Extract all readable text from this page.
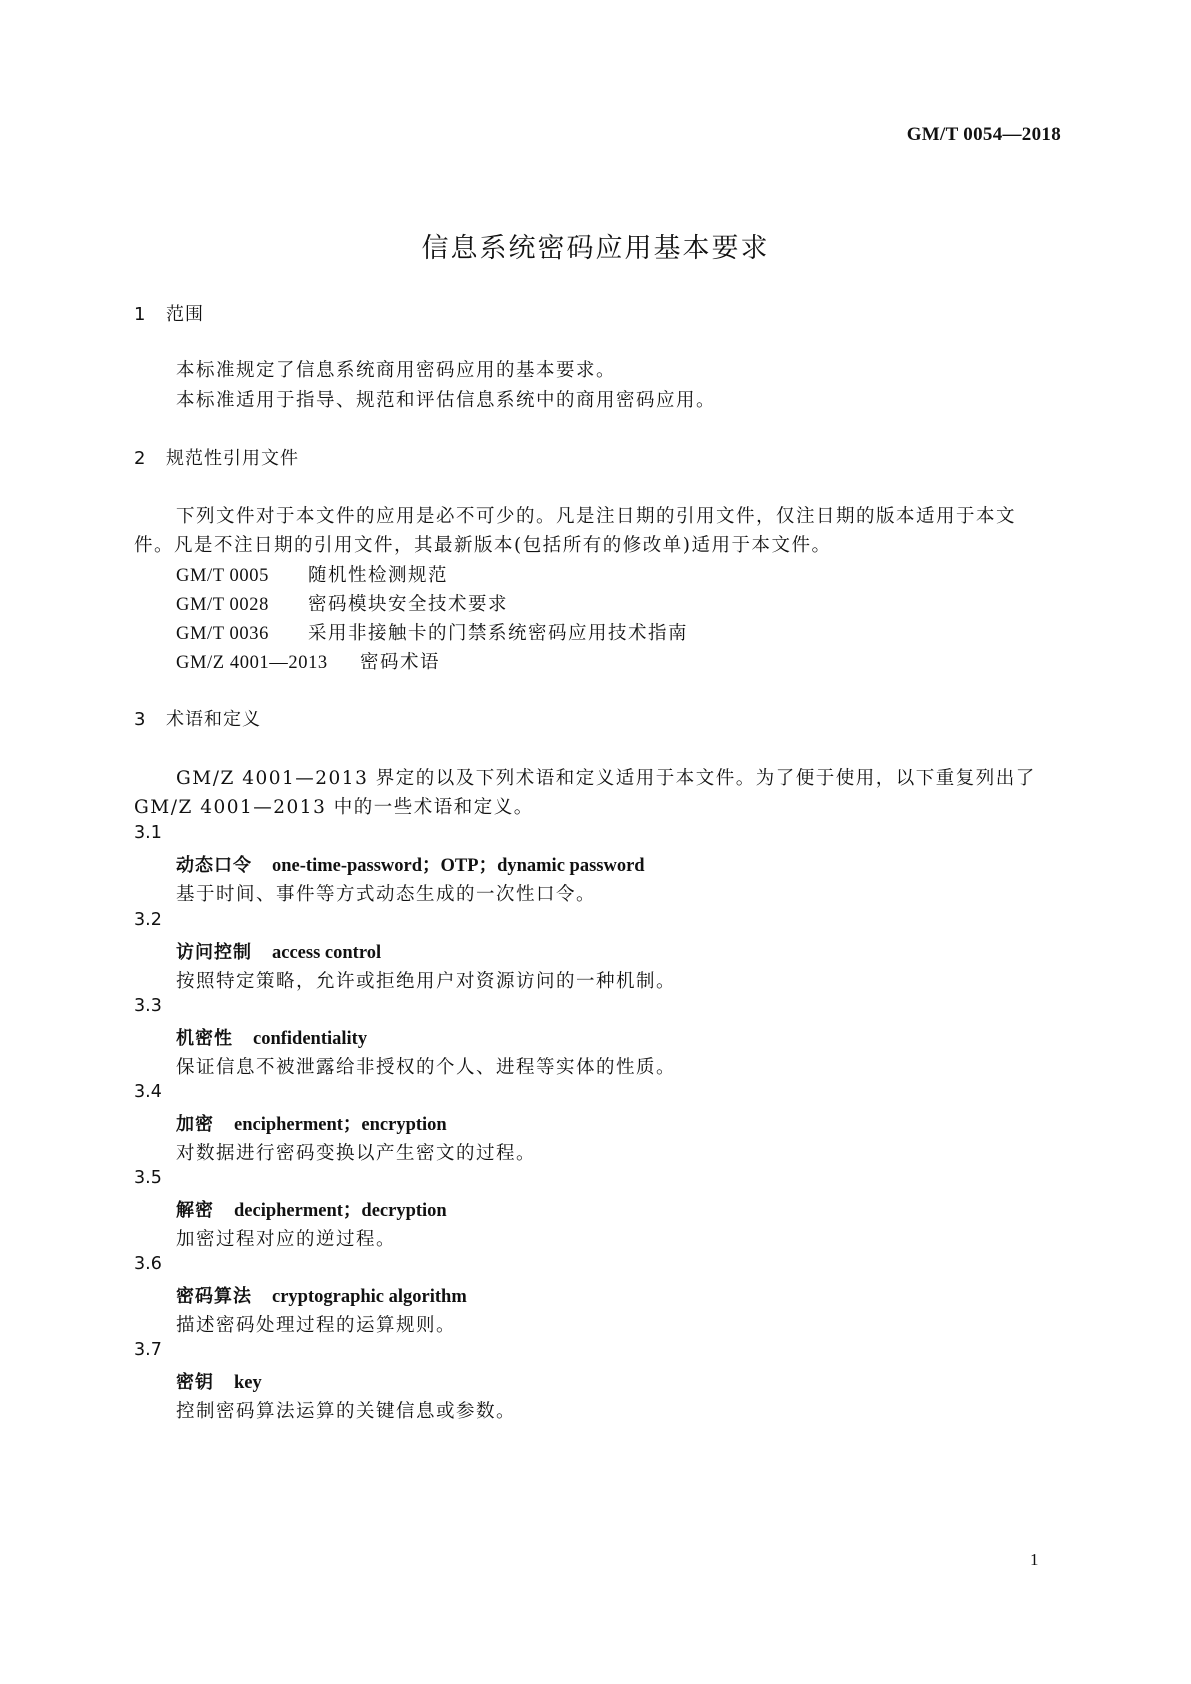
GM/T 0054—2018
信息系统密码应用基本要求
1 范围
本标准规定了信息系统商用密码应用的基本要求。
本标准适用于指导、规范和评估信息系统中的商用密码应用。
2 规范性引用文件
下列文件对于本文件的应用是必不可少的。凡是注日期的引用文件，仅注日期的版本适用于本文
件。凡是不注日期的引用文件，其最新版本(包括所有的修改单)适用于本文件。
GM/T 0005 随机性检测规范
GM/T 0028 密码模块安全技术要求
GM/T 0036 采用非接触卡的门禁系统密码应用技术指南
GM/Z 4001—2013 密码术语
3 术语和定义
GM/Z 4001—2013 界定的以及下列术语和定义适用于本文件。为了便于使用，以下重复列出了
GM/Z 4001—2013 中的一些术语和定义。
3.1
动态口令 one-time-password；OTP；dynamic password
基于时间、事件等方式动态生成的一次性口令。
3.2
访问控制 access control
按照特定策略，允许或拒绝用户对资源访问的一种机制。
3.3
机密性 confidentiality
保证信息不被泄露给非授权的个人、进程等实体的性质。
3.4
加密 encipherment；encryption
对数据进行密码变换以产生密文的过程。
3.5
解密 decipherment；decryption
加密过程对应的逆过程。
3.6
密码算法 cryptographic algorithm
描述密码处理过程的运算规则。
3.7
密钥 key
控制密码算法运算的关键信息或参数。
1
